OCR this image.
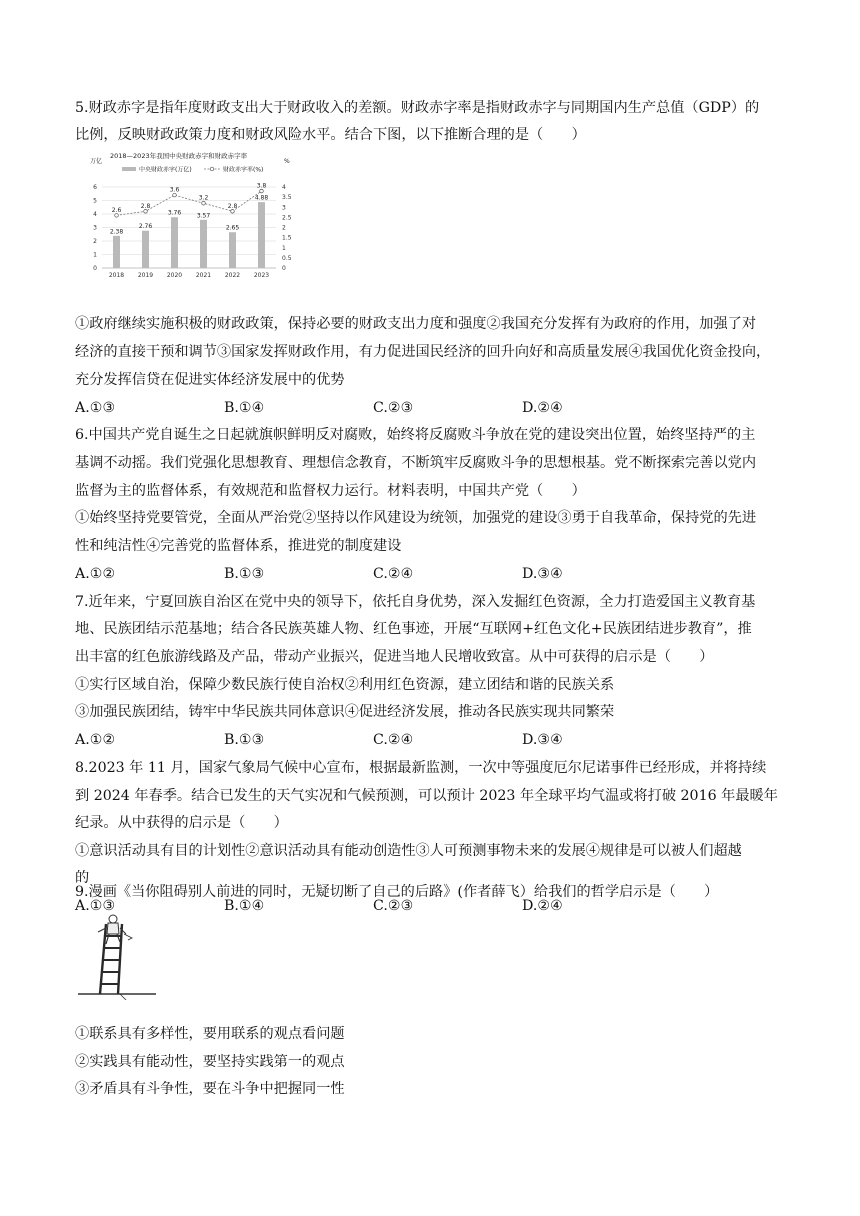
5.财政赤字是指年度财政支出大于财政收入的差额。财政赤字率是指财政赤字与同期国内生产总值（GDP）的
比例，反映财政政策力度和财政风险水平。结合下图，以下推断合理的是（　　）
2018—2023年我国中央财政赤字和财政赤字率
中央财政赤字(万亿)	财政赤字率(%)
万亿	%
0
1
2
3
4
5
6
0
0.5
1
1.5
2
2.5
3
3.5
4
2.38
2.76
3.76	3.57
2.65
4.88
2.6
2.8
3.6
3.2
2.8
3.8
2018 2019 2020 2021 2022 2023
①政府继续实施积极的财政政策，保持必要的财政支出力度和强度②我国充分发挥有为政府的作用，加强了对
经济的直接干预和调节③国家发挥财政作用，有力促进国民经济的回升向好和高质量发展④我国优化资金投向，
充分发挥信贷在促进实体经济发展中的优势
A.①③	B.①④	C.②③	D.②④
6.中国共产党自诞生之日起就旗帜鲜明反对腐败，始终将反腐败斗争放在党的建设突出位置，始终坚持严的主
基调不动摇。我们党强化思想教育、理想信念教育，不断筑牢反腐败斗争的思想根基。党不断探索完善以党内
监督为主的监督体系，有效规范和监督权力运行。材料表明，中国共产党（　　）
①始终坚持党要管党，全面从严治党②坚持以作风建设为统领，加强党的建设③勇于自我革命，保持党的先进
性和纯洁性④完善党的监督体系，推进党的制度建设
A.①②	B.①③	C.②④	D.③④
7.近年来，宁夏回族自治区在党中央的领导下，依托自身优势，深入发掘红色资源，全力打造爱国主义教育基
地、民族团结示范基地；结合各民族英雄人物、红色事迹，开展“互联网+红色文化+民族团结进步教育”，推
出丰富的红色旅游线路及产品，带动产业振兴，促进当地人民增收致富。从中可获得的启示是（　　）
①实行区域自治，保障少数民族行使自治权②利用红色资源，建立团结和谐的民族关系
③加强民族团结，铸牢中华民族共同体意识④促进经济发展，推动各民族实现共同繁荣
A.①②	B.①③	C.②④	D.③④
8.2023 年 11 月，国家气象局气候中心宣布，根据最新监测，一次中等强度厄尔尼诺事件已经形成，并将持续
到 2024 年春季。结合已发生的天气实况和气候预测，可以预计 2023 年全球平均气温或将打破 2016 年最暖年
纪录。从中获得的启示是（　　）
①意识活动具有目的计划性②意识活动具有能动创造性③人可预测事物未来的发展④规律是可以被人们超越
的
A.①③	B.①④	C.②③	D.②④
9.漫画《当你阻碍别人前进的同时，无疑切断了自己的后路》(作者薛飞）给我们的哲学启示是（　　）
①联系具有多样性，要用联系的观点看问题
②实践具有能动性，要坚持实践第一的观点
③矛盾具有斗争性，要在斗争中把握同一性
